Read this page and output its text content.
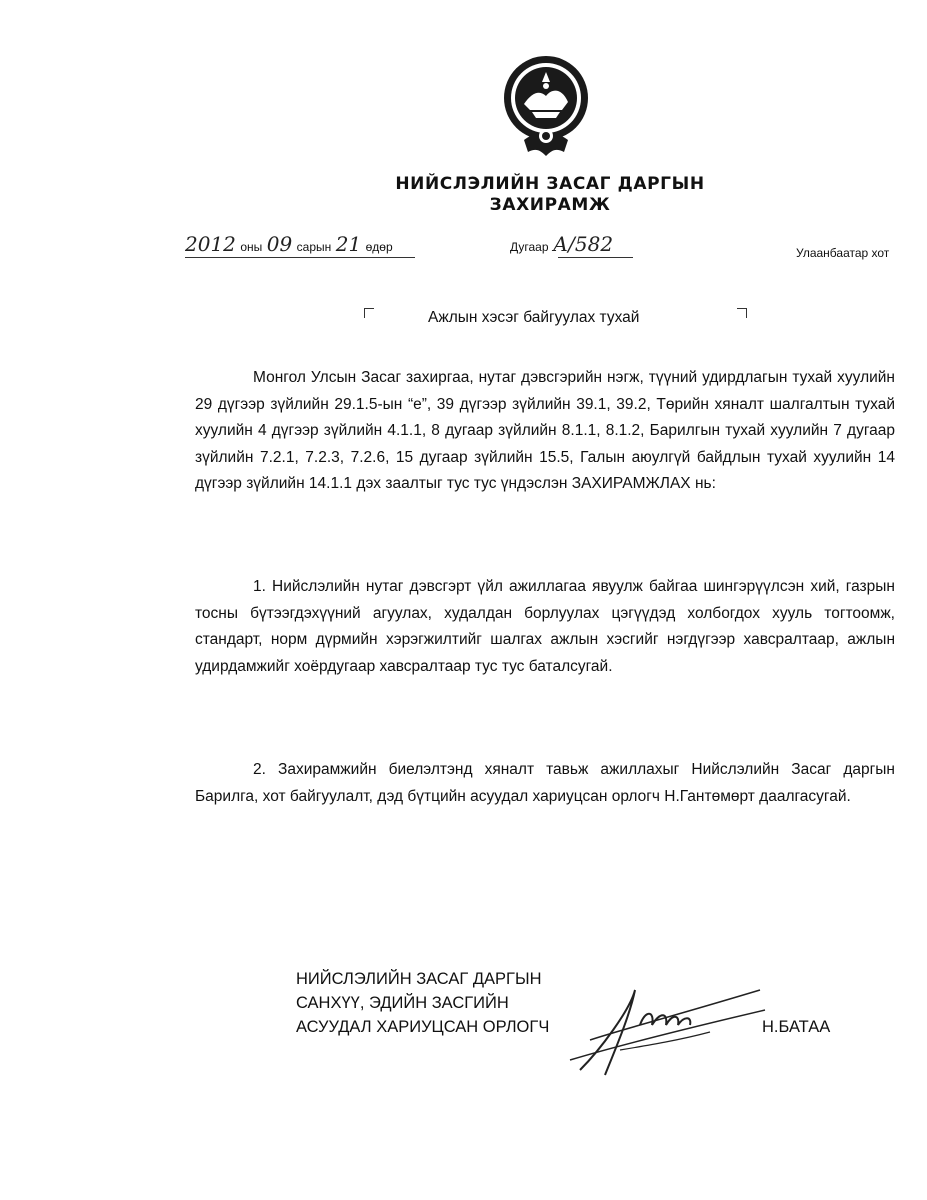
НИЙСЛЭЛИЙН ЗАСАГ ДАРГЫН
ЗАХИРАМЖ
2012 оны 09 сарын 21 өдөр	Дугаар А/582	Улаанбаатар хот
Ажлын хэсэг байгуулах тухай

Монгол Улсын Засаг захиргаа, нутаг дэвсгэрийн нэгж, түүний удирдлагын тухай хуулийн 29 дүгээр зүйлийн 29.1.5-ын “е”, 39 дүгээр зүйлийн 39.1, 39.2, Төрийн хяналт шалгалтын тухай хуулийн 4 дүгээр зүйлийн 4.1.1, 8 дугаар зүйлийн 8.1.1, 8.1.2, Барилгын тухай хуулийн 7 дугаар зүйлийн 7.2.1, 7.2.3, 7.2.6, 15 дугаар зүйлийн 15.5, Галын аюулгүй байдлын тухай хуулийн 14 дүгээр зүйлийн 14.1.1 дэх заалтыг тус тус үндэслэн ЗАХИРАМЖЛАХ нь:

1. Нийслэлийн нутаг дэвсгэрт үйл ажиллагаа явуулж байгаа шингэрүүлсэн хий, газрын тосны бүтээгдэхүүний агуулах, худалдан борлуулах цэгүүдэд холбогдох хууль тогтоомж, стандарт, норм дүрмийн хэрэгжилтийг шалгах ажлын хэсгийг нэгдүгээр хавсралтаар, ажлын удирдамжийг хоёрдугаар хавсралтаар тус тус баталсугай.

2. Захирамжийн биелэлтэнд хяналт тавьж ажиллахыг Нийслэлийн Засаг даргын Барилга, хот байгуулалт, дэд бүтцийн асуудал хариуцсан орлогч Н.Гантөмөрт даалгасугай.

НИЙСЛЭЛИЙН ЗАСАГ ДАРГЫН
САНХҮҮ, ЭДИЙН ЗАСГИЙН
АСУУДАЛ ХАРИУЦСАН ОРЛОГЧ	Н.БАТАА
